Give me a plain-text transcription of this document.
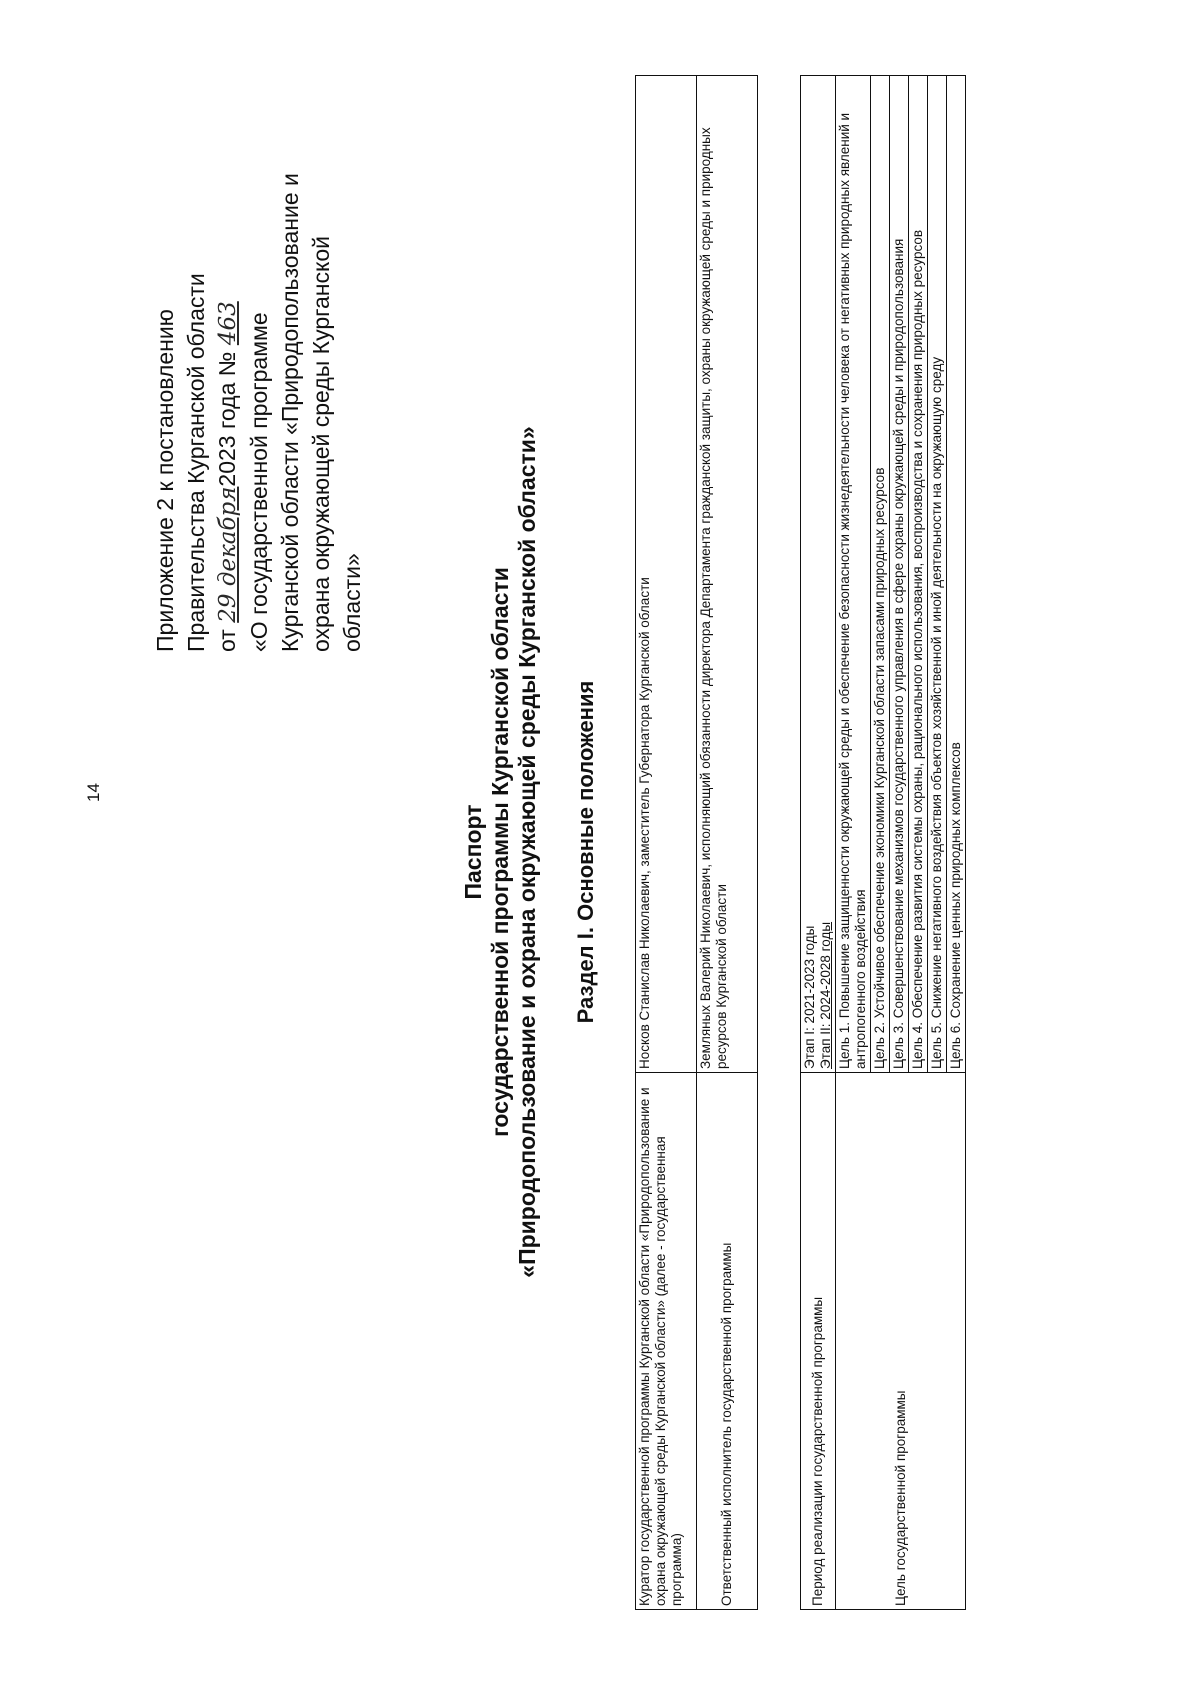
14
Приложение 2 к постановлению Правительства Курганской области от 29 декабря2023 года № 463 «О государственной программе Курганской области «Природопользование и охрана окружающей среды Курганской области»
Паспорт государственной программы Курганской области «Природопользование и охрана окружающей среды Курганской области» Раздел I. Основные положения
Куратор государственной программы Курганской области «Природопользование и охрана окружающей среды Курганской области» (далее - государственная программа)	Носков Станислав Николаевич, заместитель Губернатора Курганской области
Ответственный исполнитель государственной программы	Земляных Валерий Николаевич, исполняющий обязанности директора Департамента гражданской защиты, охраны окружающей среды и природных ресурсов Курганской области
Период реализации государственной программы	Этап I: 2021-2023 годы Этап II: 2024-2028 годы

Цель государственной программы	Цель 1. Повышение защищенности окружающей среды и обеспечение безопасности жизнедеятельности человека от негативных природных явлений и антропогенного воздействия
	Цель 2. Устойчивое обеспечение экономики Курганской области запасами природных ресурсов
	Цель 3. Совершенствование механизмов государственного управления в сфере охраны окружающей среды и природопользования
	Цель 4. Обеспечение развития системы охраны, рационального использования, воспроизводства и сохранения природных ресурсов
	Цель 5. Снижение негативного воздействия объектов хозяйственной и иной деятельности на окружающую среду
	Цель 6. Сохранение ценных природных комплексов
